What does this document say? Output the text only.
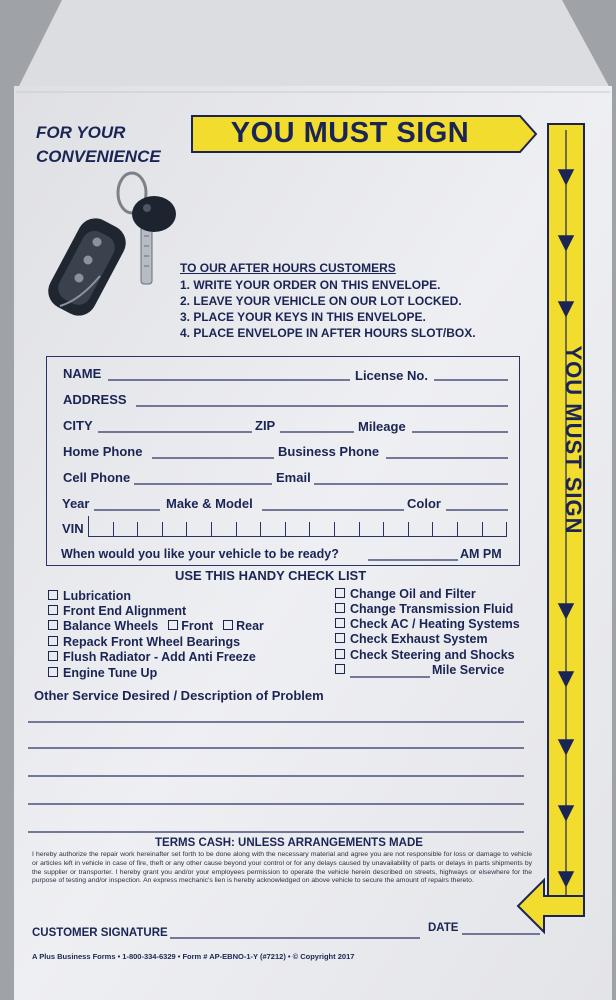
FOR YOUR
CONVENIENCE
YOU MUST SIGN
YOU MUST SIGN
TO OUR AFTER HOURS CUSTOMERS
1. WRITE YOUR ORDER ON THIS ENVELOPE.
2. LEAVE YOUR VEHICLE ON OUR LOT LOCKED.
3. PLACE YOUR KEYS IN THIS ENVELOPE.
4. PLACE ENVELOPE IN AFTER HOURS SLOT/BOX.
NAME	License No.
ADDRESS
CITY	ZIP	Mileage
Home Phone	Business Phone
Cell Phone	Email
Year	Make & Model	Color
VIN
When would you like your vehicle to be ready?	AM PM
USE THIS HANDY CHECK LIST
Lubrication
Front End Alignment
Balance Wheels Front Rear
Repack Front Wheel Bearings
Flush Radiator - Add Anti Freeze
Engine Tune Up
Change Oil and Filter
Change Transmission Fluid
Check AC / Heating Systems
Check Exhaust System
Check Steering and Shocks
Mile Service
Other Service Desired / Description of Problem
TERMS CASH: UNLESS ARRANGEMENTS MADE
I hereby authorize the repair work hereinafter set forth to be done along with the necessary material and agree you are not responsible for loss or damage to vehicle or articles left in vehicle in case of fire, theft or any other cause beyond your control or for any delays caused by unavailability of parts or delays in parts shipments by the supplier or transporter. I hereby grant you and/or your employees permission to operate the vehicle herein described on streets, highways or elsewhere for the purpose of testing and/or inspection. An express mechanic's lien is hereby acknowledged on above vehicle to secure the amount of repairs thereto.
CUSTOMER SIGNATURE	DATE
A Plus Business Forms • 1-800-334-6329 • Form # AP-EBNO-1-Y (#7212) • © Copyright 2017
